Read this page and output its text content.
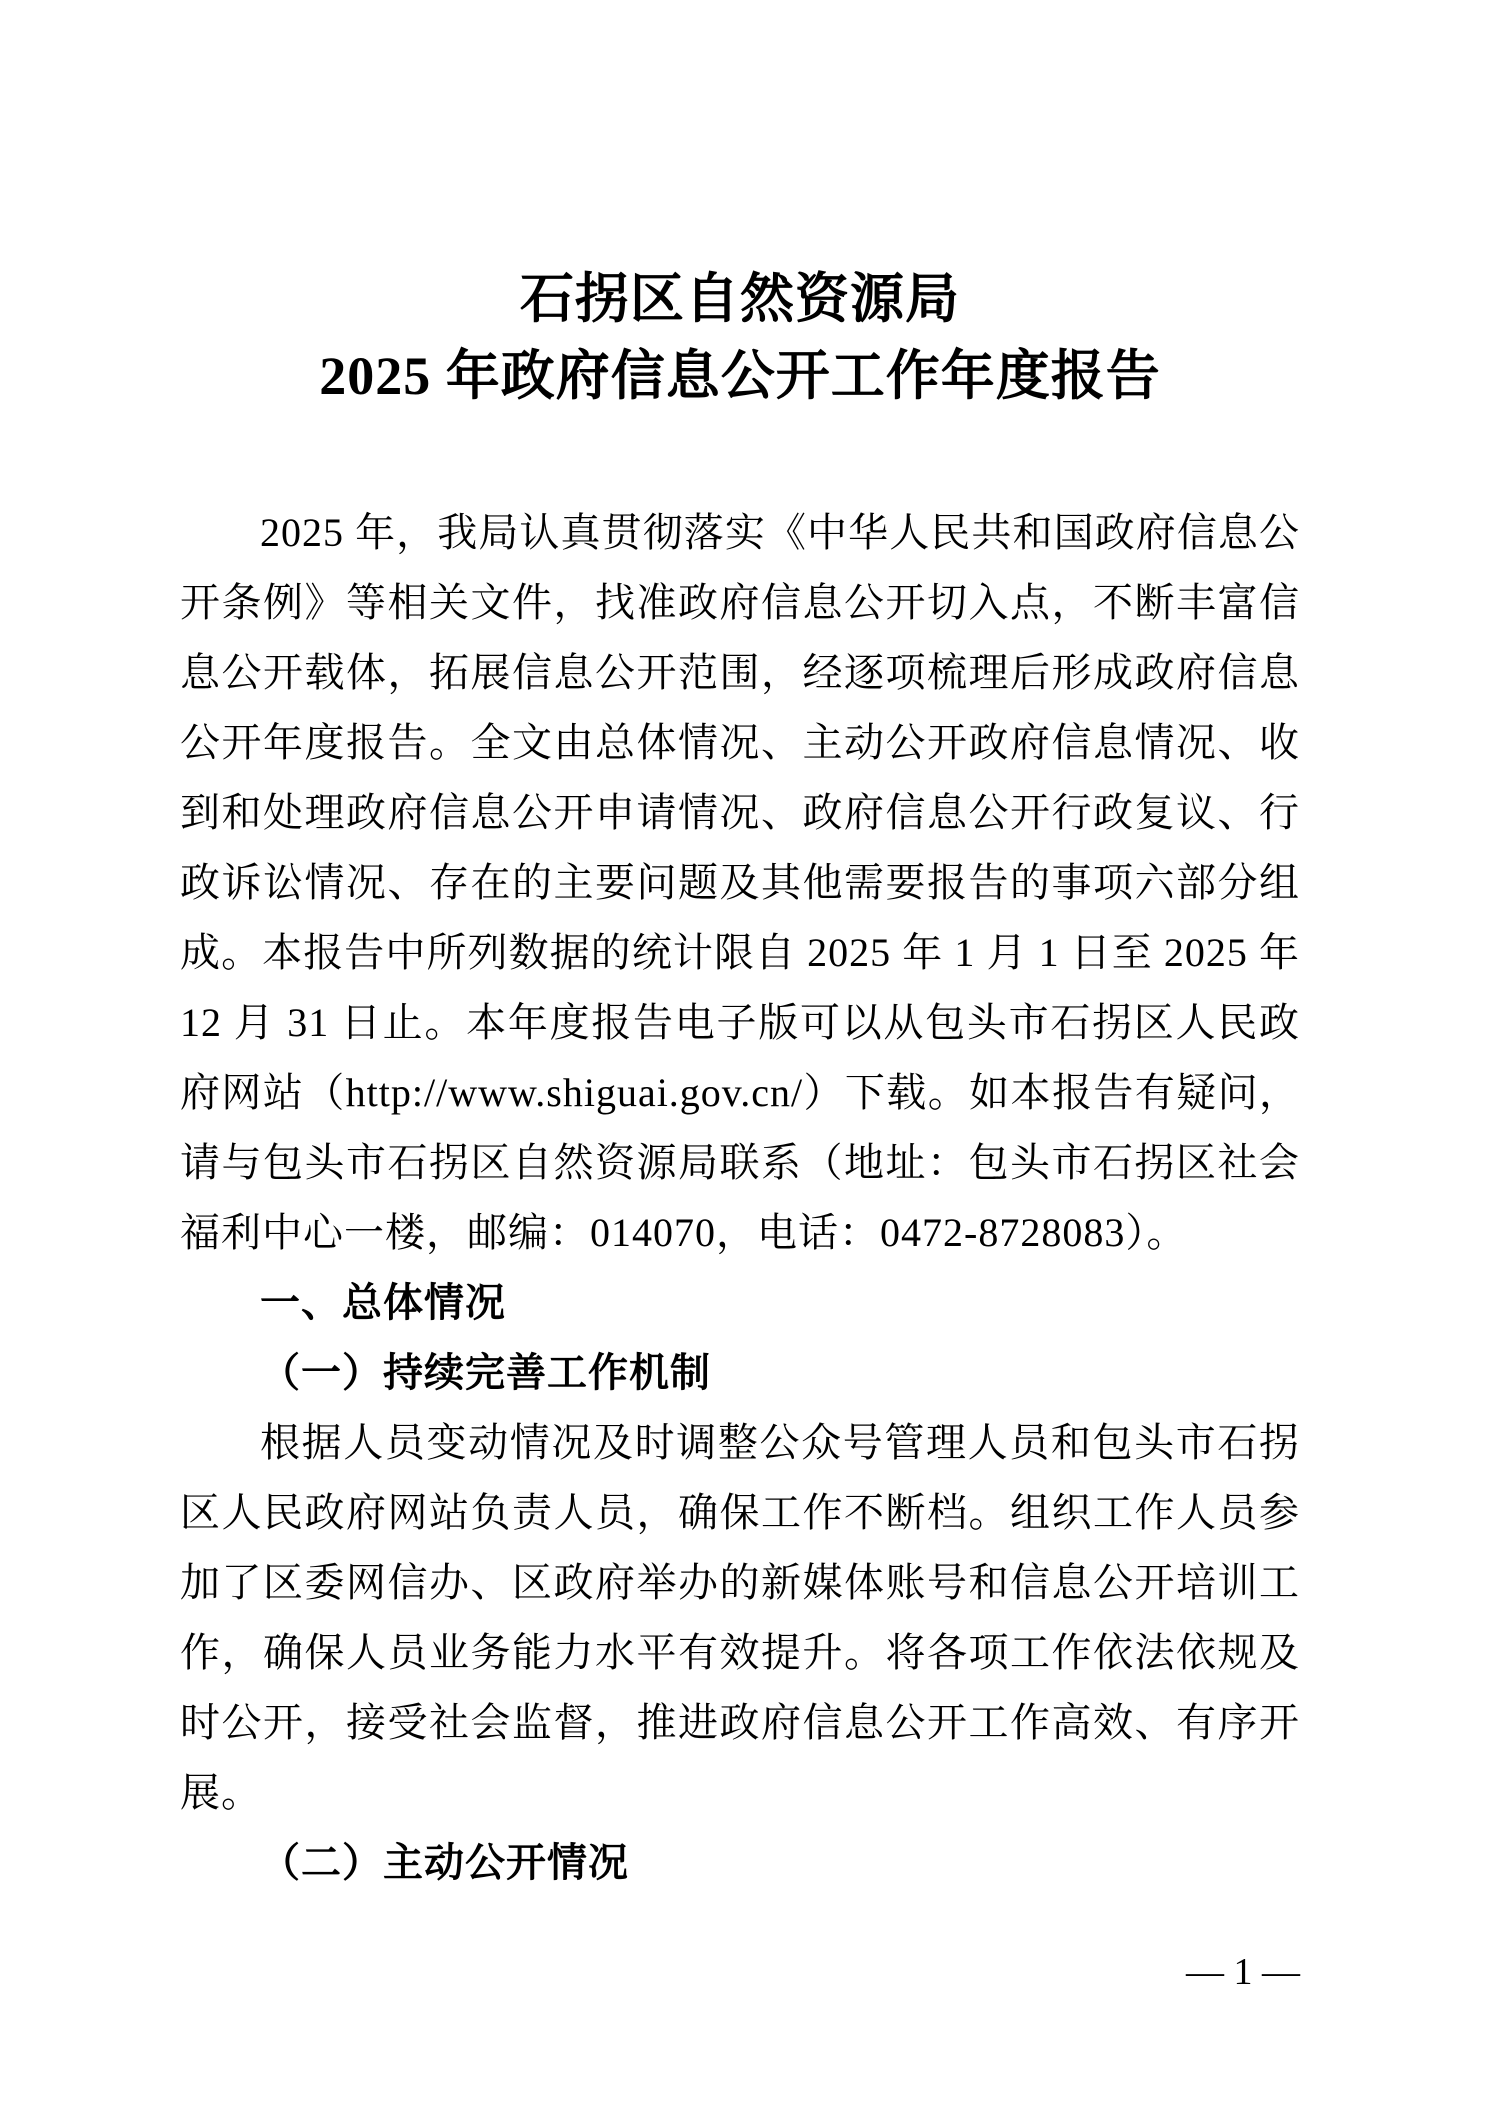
石拐区自然资源局
2025 年政府信息公开工作年度报告

2025 年，我局认真贯彻落实《中华人民共和国政府信息公开条例》等相关文件，找准政府信息公开切入点，不断丰富信息公开载体，拓展信息公开范围，经逐项梳理后形成政府信息公开年度报告。全文由总体情况、主动公开政府信息情况、收到和处理政府信息公开申请情况、政府信息公开行政复议、行政诉讼情况、存在的主要问题及其他需要报告的事项六部分组成。本报告中所列数据的统计限自 2025 年 1 月 1 日至 2025 年 12 月 31 日止。本年度报告电子版可以从包头市石拐区人民政府网站（http://www.shiguai.gov.cn/）下载。如本报告有疑问，请与包头市石拐区自然资源局联系（地址：包头市石拐区社会福利中心一楼，邮编：014070，电话：0472-8728083）。

一、总体情况

（一）持续完善工作机制

根据人员变动情况及时调整公众号管理人员和包头市石拐区人民政府网站负责人员，确保工作不断档。组织工作人员参加了区委网信办、区政府举办的新媒体账号和信息公开培训工作，确保人员业务能力水平有效提升。将各项工作依法依规及时公开，接受社会监督，推进政府信息公开工作高效、有序开展。

（二）主动公开情况

— 1 —
